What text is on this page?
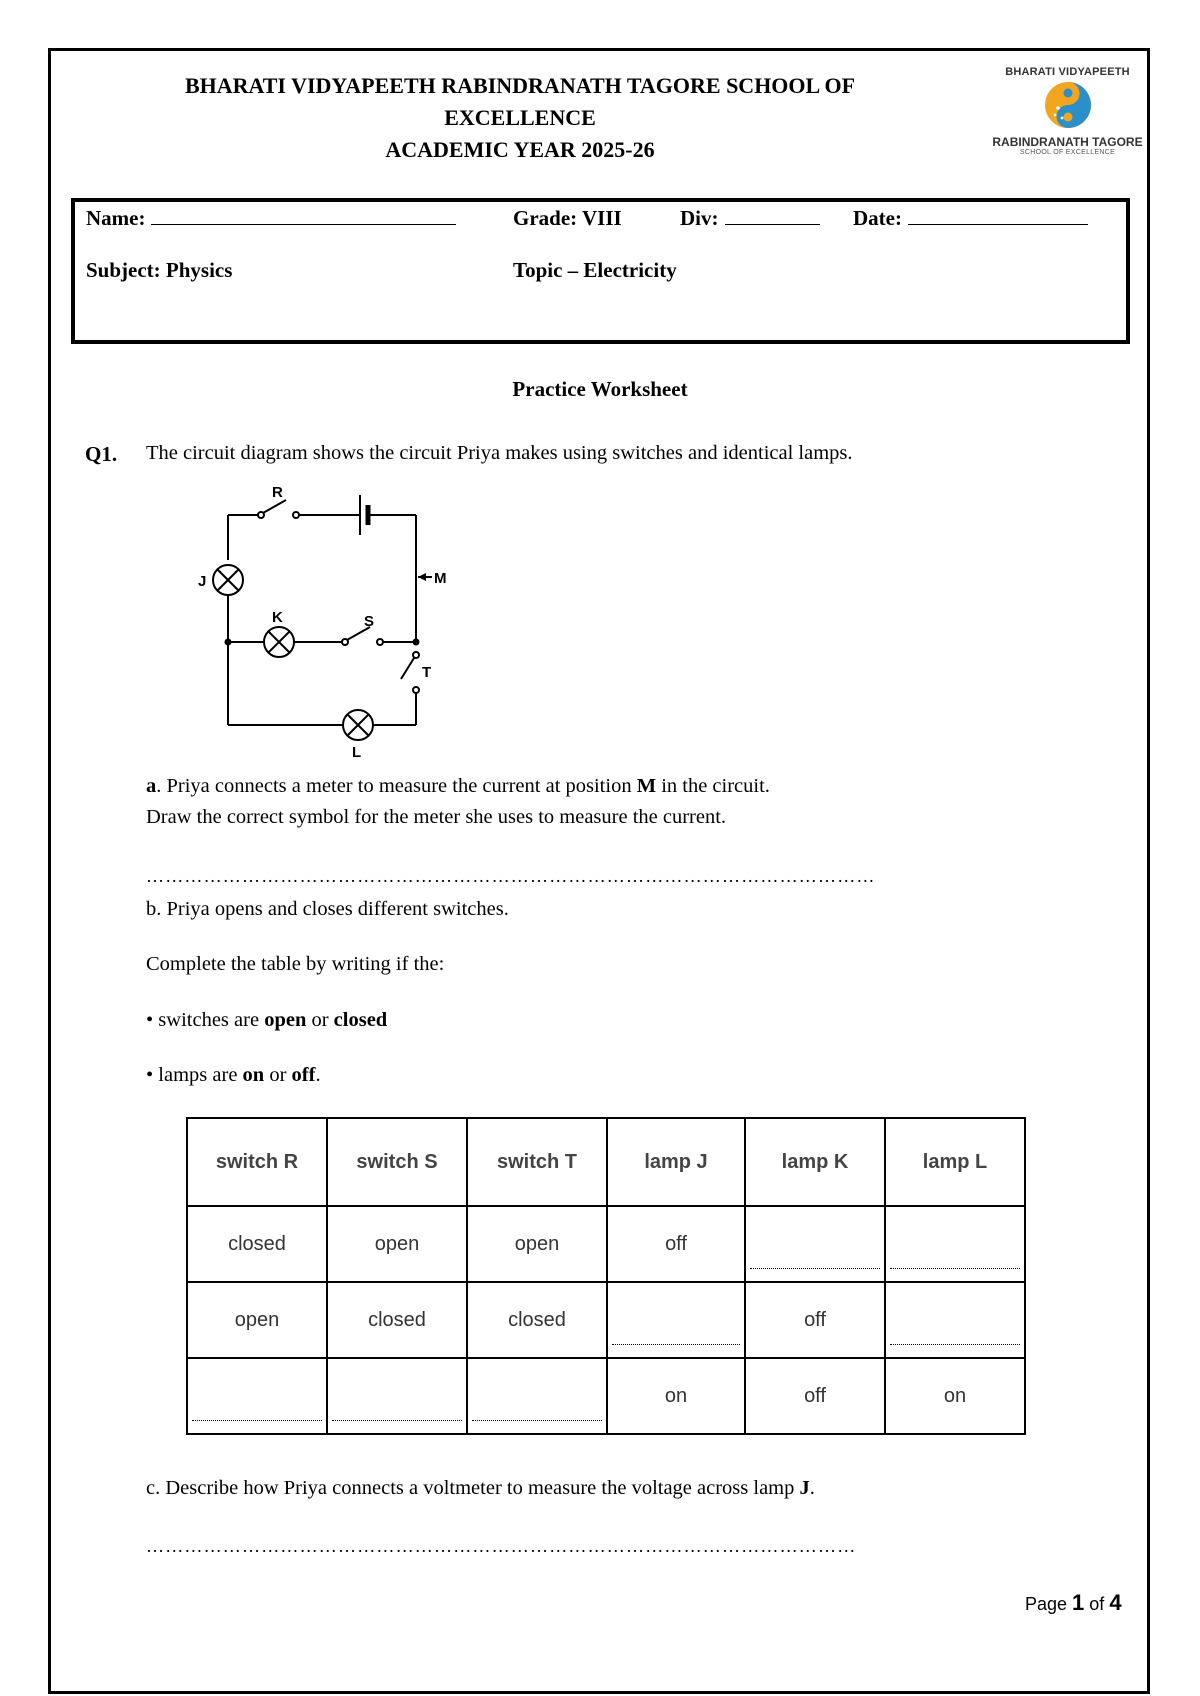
BHARATI VIDYAPEETH RABINDRANATH TAGORE SCHOOL OF
EXCELLENCE
ACADEMIC YEAR 2025-26
BHARATI VIDYAPEETH
RABINDRANATH TAGORE
SCHOOL OF EXCELLENCE
Name:	Grade: VIII	Div:	Date:
Subject: Physics	Topic – Electricity
Practice Worksheet
Q1. The circuit diagram shows the circuit Priya makes using switches and identical lamps.
R
J	M
K	S
T
L
a. Priya connects a meter to measure the current at position M in the circuit.
Draw the correct symbol for the meter she uses to measure the current.
……………………………………………………………………………………………………
b. Priya opens and closes different switches.
Complete the table by writing if the:
• switches are open or closed
• lamps are on or off.
switch R	switch S	switch T	lamp J	lamp K	lamp L
closed	open	open	off		
open	closed	closed		off	
			on	off	on
c. Describe how Priya connects a voltmeter to measure the voltage across lamp J.
…………………………………………………………………………………………………
Page 1 of 4
